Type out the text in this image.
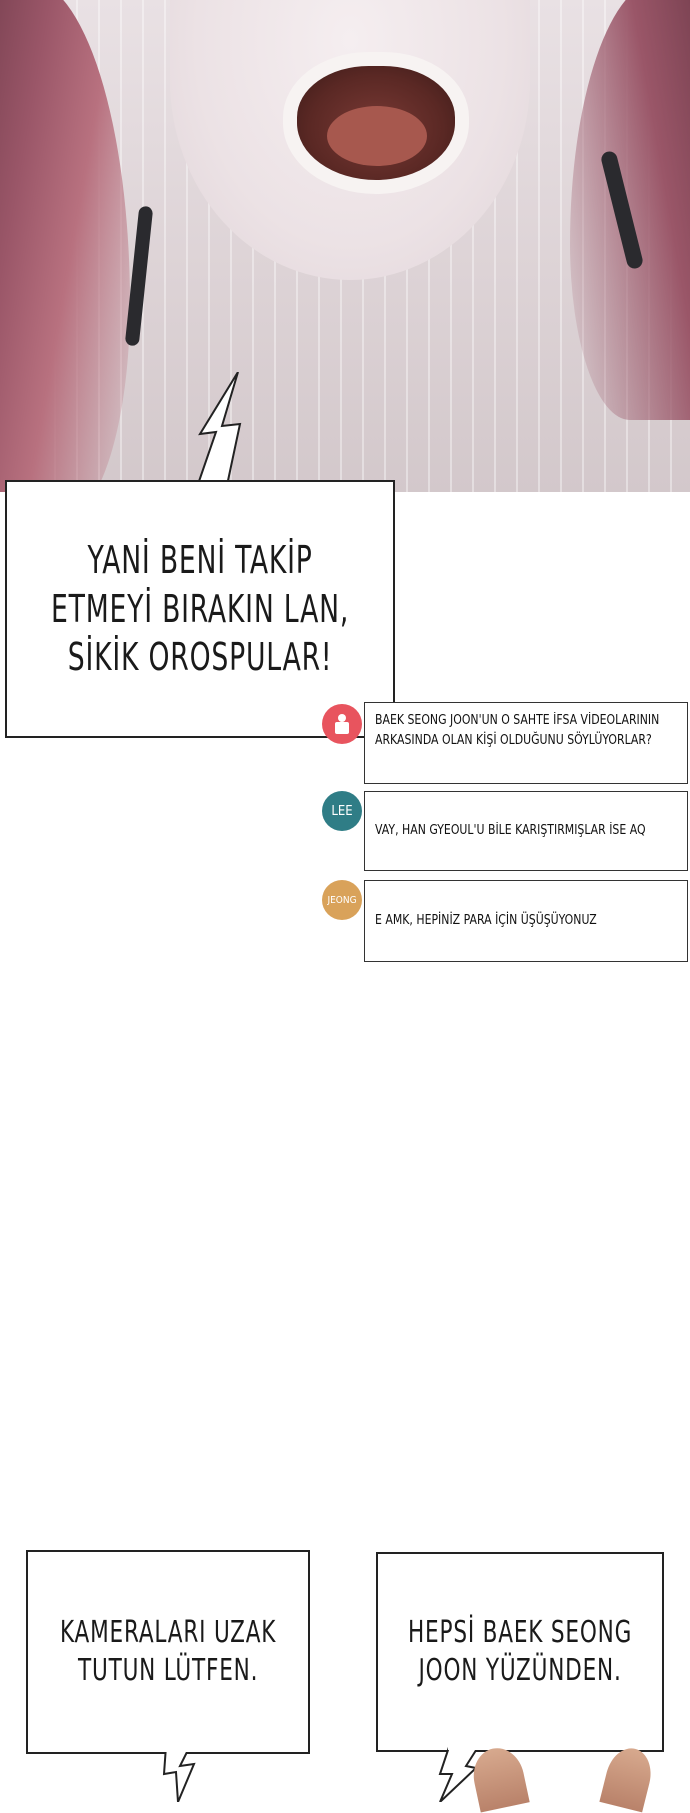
YANİ BENİ TAKİP
ETMEYİ BIRAKIN LAN,
SİKİK OROSPULAR!
BAEK SEONG JOON'UN O SAHTE İFSA VİDEOLARININ
ARKASINDA OLAN KİŞİ OLDUĞUNU SÖYLÜYORLAR?
LEE
VAY, HAN GYEOUL'U BİLE KARIŞTIRMIŞLAR İSE AQ
JEONG
E AMK, HEPİNİZ PARA İÇİN ÜŞÜŞÜYONUZ
KAMERALARI UZAK
TUTUN LÜTFEN.
HEPSİ BAEK SEONG
JOON YÜZÜNDEN.
